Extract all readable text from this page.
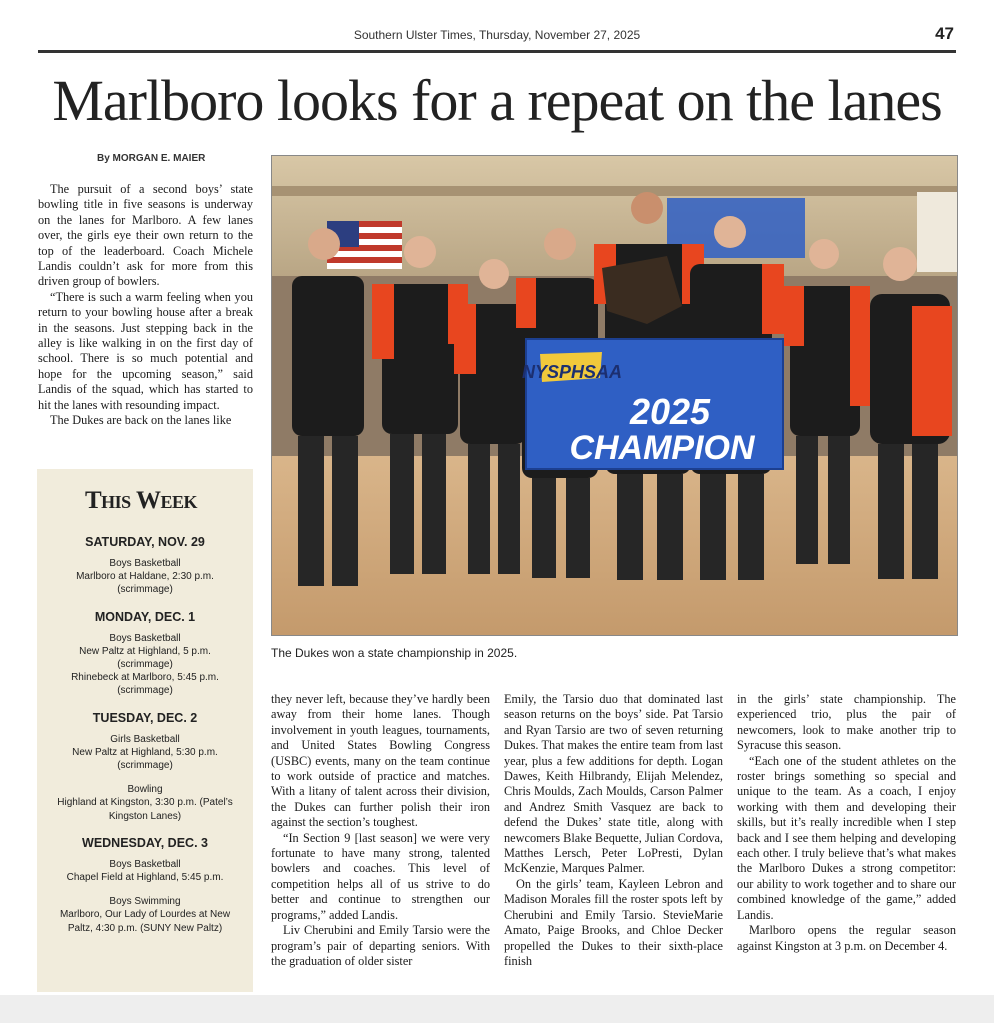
Southern Ulster Times, Thursday, November 27, 2025	47
Marlboro looks for a repeat on the lanes
By MORGAN E. MAIER

The pursuit of a second boys’ state bowling title in five seasons is underway on the lanes for Marlboro. A few lanes over, the girls eye their own return to the top of the leaderboard. Coach Michele Landis couldn’t ask for more from this driven group of bowlers.

“There is such a warm feeling when you return to your bowling house after a break in the seasons. Just stepping back in the alley is like walking in on the first day of school. There is so much potential and hope for the upcoming season,” said Landis of the squad, which has started to hit the lanes with resounding impact.

The Dukes are back on the lanes like

This Week
SATURDAY, NOV. 29
Boys Basketball
Marlboro at Haldane, 2:30 p.m.
(scrimmage)
MONDAY, DEC. 1
Boys Basketball
New Paltz at Highland, 5 p.m.
(scrimmage)
Rhinebeck at Marlboro, 5:45 p.m.
(scrimmage)
TUESDAY, DEC. 2
Girls Basketball
New Paltz at Highland, 5:30 p.m.
(scrimmage)
Bowling
Highland at Kingston, 3:30 p.m. (Patel’s
Kingston Lanes)
WEDNESDAY, DEC. 3
Boys Basketball
Chapel Field at Highland, 5:45 p.m.
Boys Swimming
Marlboro, Our Lady of Lourdes at New
Paltz, 4:30 p.m. (SUNY New Paltz)
NYSPHSAA
2025
CHAMPION
The Dukes won a state championship in 2025.

they never left, because they’ve hardly been away from their home lanes. Though involvement in youth leagues, tournaments, and United States Bowling Congress (USBC) events, many on the team continue to work outside of practice and matches. With a litany of talent across their division, the Dukes can further polish their iron against the section’s toughest.

“In Section 9 [last season] we were very fortunate to have many strong, talented bowlers and coaches. This level of competition helps all of us strive to do better and continue to strengthen our programs,” added Landis.

Liv Cherubini and Emily Tarsio were the program’s pair of departing seniors. With the graduation of older sister

Emily, the Tarsio duo that dominated last season returns on the boys’ side. Pat Tarsio and Ryan Tarsio are two of seven returning Dukes. That makes the entire team from last year, plus a few additions for depth. Logan Dawes, Keith Hilbrandy, Elijah Melendez, Chris Moulds, Zach Moulds, Carson Palmer and Andrez Smith Vasquez are back to defend the Dukes’ state title, along with newcomers Blake Bequette, Julian Cordova, Matthes Lersch, Peter LoPresti, Dylan McKenzie, Marques Palmer.

On the girls’ team, Kayleen Lebron and Madison Morales fill the roster spots left by Cherubini and Emily Tarsio. StevieMarie Amato, Paige Brooks, and Chloe Decker propelled the Dukes to their sixth-place finish

in the girls’ state championship. The experienced trio, plus the pair of newcomers, look to make another trip to Syracuse this season.

“Each one of the student athletes on the roster brings something so special and unique to the team. As a coach, I enjoy working with them and developing their skills, but it’s really incredible when I step back and I see them helping and developing each other. I truly believe that’s what makes the Marlboro Dukes a strong competitor: our ability to work together and to share our combined knowledge of the game,” added Landis.

Marlboro opens the regular season against Kingston at 3 p.m. on December 4.
